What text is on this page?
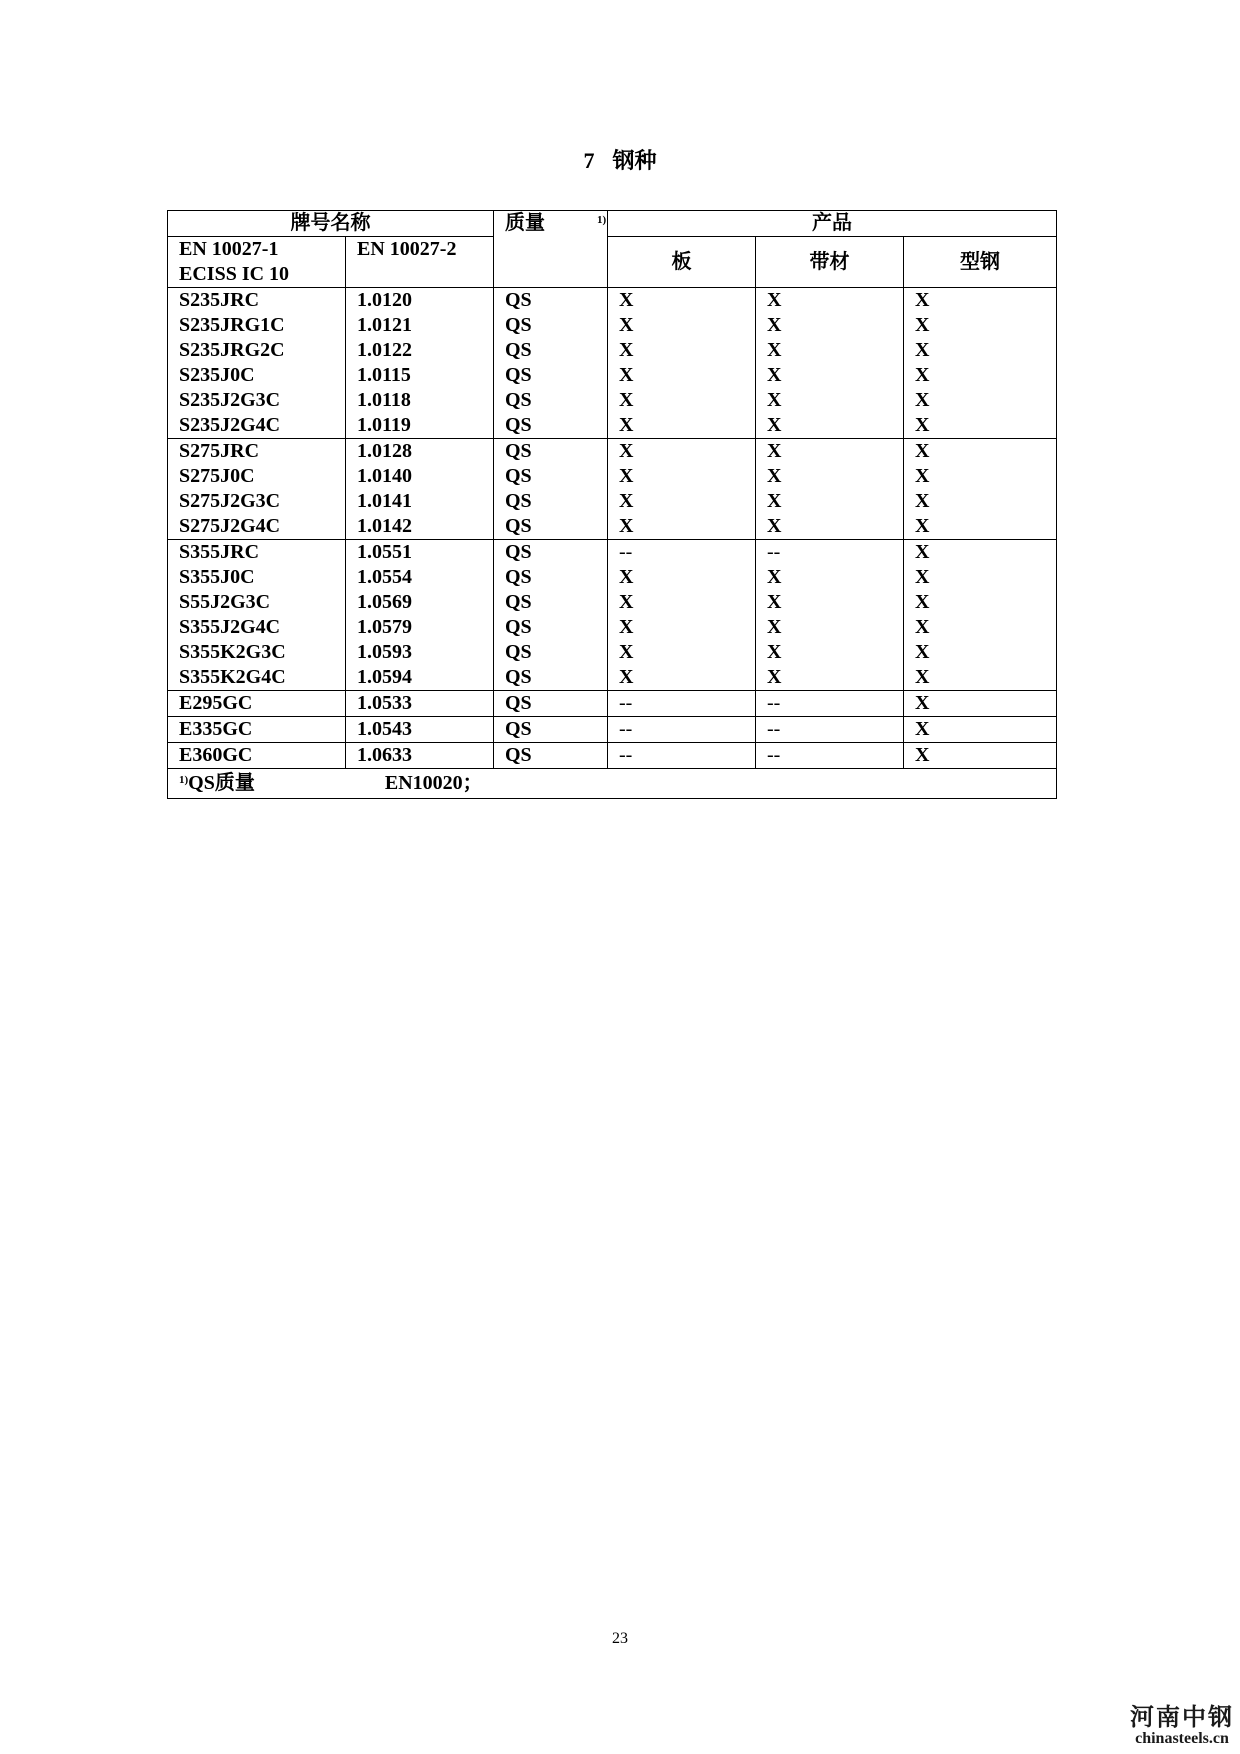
7 钢种
牌号名称		质量 $^{1)}$	产品		

EN 10027-1
ECISS IC 10	EN 10027-2		板	带材	型钢
S235JRC	1.0120	QS	X	X	X
S235JRG1C	1.0121	QS	X	X	X
S235JRG2C	1.0122	QS	X	X	X
S235J0C	1.0115	QS	X	X	X
S235J2G3C	1.0118	QS	X	X	X
S235J2G4C	1.0119	QS	X	X	X
S275JRC	1.0128	QS	X	X	X
S275J0C	1.0140	QS	X	X	X
S275J2G3C	1.0141	QS	X	X	X
S275J2G4C	1.0142	QS	X	X	X
S355JRC	1.0551	QS	--	--	X
S355J0C	1.0554	QS	X	X	X
S55J2G3C	1.0569	QS	X	X	X
S355J2G4C	1.0579	QS	X	X	X
S355K2G3C	1.0593	QS	X	X	X
S355K2G4C	1.0594	QS	X	X	X
E295GC	1.0533	QS	--	--	X
E335GC	1.0543	QS	--	--	X
E360GC	1.0633	QS	--	--	X
$^{1)}$QS质量 EN10020；					
23
河南中钢
chinasteels.cn
